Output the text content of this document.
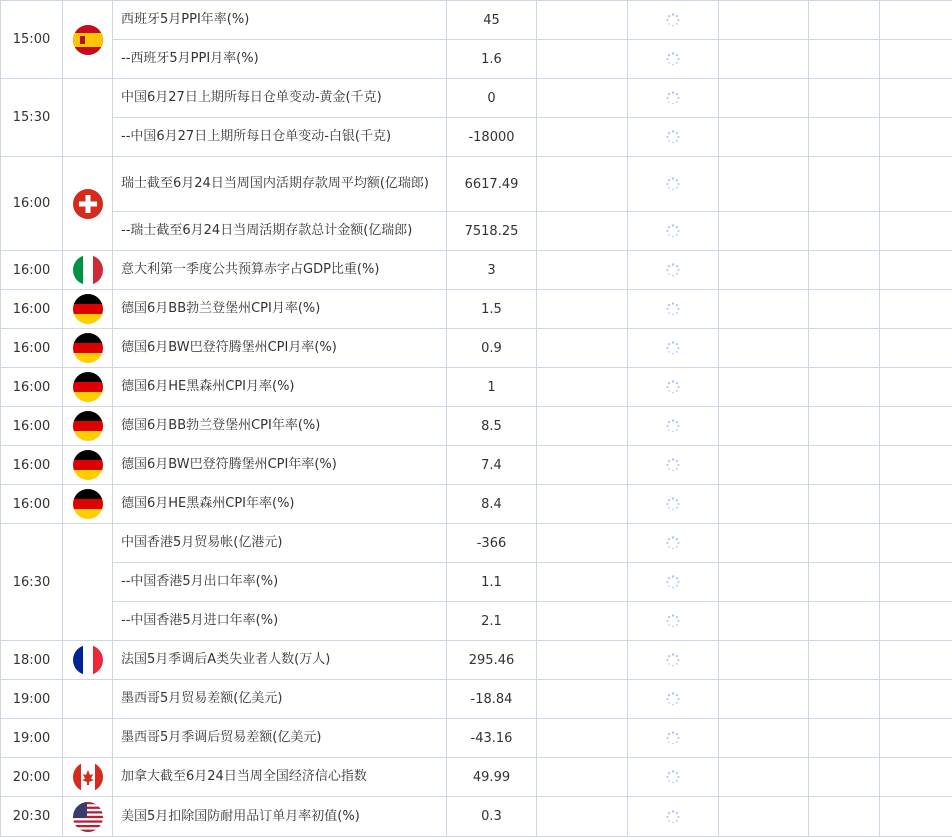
15:00		西班牙5月PPI年率(%)	45						
		--西班牙5月PPI月率(%)	1.6						
15:30		中国6月27日上期所每日仓单变动-黄金(千克)	0						
		--中国6月27日上期所每日仓单变动-白银(千克)	-18000						
16:00		瑞士截至6月24日当周国内活期存款周平均额(亿瑞郎)	6617.49						
		--瑞士截至6月24日当周活期存款总计金额(亿瑞郎)	7518.25						
16:00		意大利第一季度公共预算赤字占GDP比重(%)	3						
16:00		德国6月BB勃兰登堡州CPI月率(%)	1.5						
16:00		德国6月BW巴登符腾堡州CPI月率(%)	0.9						
16:00		德国6月HE黑森州CPI月率(%)	1						
16:00		德国6月BB勃兰登堡州CPI年率(%)	8.5						
16:00		德国6月BW巴登符腾堡州CPI年率(%)	7.4						
16:00		德国6月HE黑森州CPI年率(%)	8.4						
16:30		中国香港5月贸易帐(亿港元)	-366						
		--中国香港5月出口年率(%)	1.1						
		--中国香港5月进口年率(%)	2.1						
18:00		法国5月季调后A类失业者人数(万人)	295.46						
19:00		墨西哥5月贸易差额(亿美元)	-18.84						
19:00		墨西哥5月季调后贸易差额(亿美元)	-43.16						
20:00		加拿大截至6月24日当周全国经济信心指数	49.99						
20:30		美国5月扣除国防耐用品订单月率初值(%)	0.3						
